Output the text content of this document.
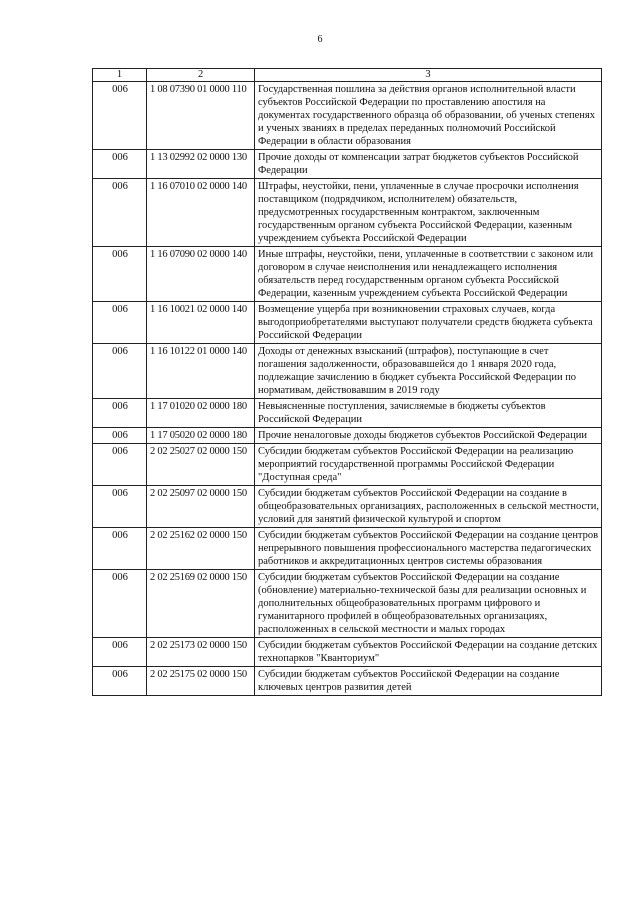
6
1	2	3
006	1 08 07390 01 0000 110	Государственная пошлина за действия органов исполнительной власти субъектов Российской Федерации по проставлению апостиля на документах государственного образца об образовании, об ученых степенях и ученых званиях в пределах переданных полномочий Российской Федерации в области образования
006	1 13 02992 02 0000 130	Прочие доходы от компенсации затрат бюджетов субъектов Российской Федерации
006	1 16 07010 02 0000 140	Штрафы, неустойки, пени, уплаченные в случае просрочки исполнения поставщиком (подрядчиком, исполнителем) обязательств, предусмотренных государственным контрактом, заключенным государственным органом субъекта Российской Федерации, казенным учреждением субъекта Российской Федерации
006	1 16 07090 02 0000 140	Иные штрафы, неустойки, пени, уплаченные в соответствии с законом или договором в случае неисполнения или ненадлежащего исполнения обязательств перед государственным органом субъекта Российской Федерации, казенным учреждением субъекта Российской Федерации
006	1 16 10021 02 0000 140	Возмещение ущерба при возникновении страховых случаев, когда выгодоприобретателями выступают получатели средств бюджета субъекта Российской Федерации
006	1 16 10122 01 0000 140	Доходы от денежных взысканий (штрафов), поступающие в счет погашения задолженности, образовавшейся до 1 января 2020 года, подлежащие зачислению в бюджет субъекта Российской Федерации по нормативам, действовавшим в 2019 году
006	1 17 01020 02 0000 180	Невыясненные поступления, зачисляемые в бюджеты субъектов Российской Федерации
006	1 17 05020 02 0000 180	Прочие неналоговые доходы бюджетов субъектов Российской Федерации
006	2 02 25027 02 0000 150	Субсидии бюджетам субъектов Российской Федерации на реализацию мероприятий государственной программы Российской Федерации "Доступная среда"
006	2 02 25097 02 0000 150	Субсидии бюджетам субъектов Российской Федерации на создание в общеобразовательных организациях, расположенных в сельской местности, условий для занятий физической культурой и спортом
006	2 02 25162 02 0000 150	Субсидии бюджетам субъектов Российской Федерации на создание центров непрерывного повышения профессионального мастерства педагогических работников и аккредитационных центров системы образования
006	2 02 25169 02 0000 150	Субсидии бюджетам субъектов Российской Федерации на создание (обновление) материально-технической базы для реализации основных и дополнительных общеобразовательных программ цифрового и гуманитарного профилей в общеобразовательных организациях, расположенных в сельской местности и малых городах
006	2 02 25173 02 0000 150	Субсидии бюджетам субъектов Российской Федерации на создание детских технопарков "Кванториум"
006	2 02 25175 02 0000 150	Субсидии бюджетам субъектов Российской Федерации на создание ключевых центров развития детей
